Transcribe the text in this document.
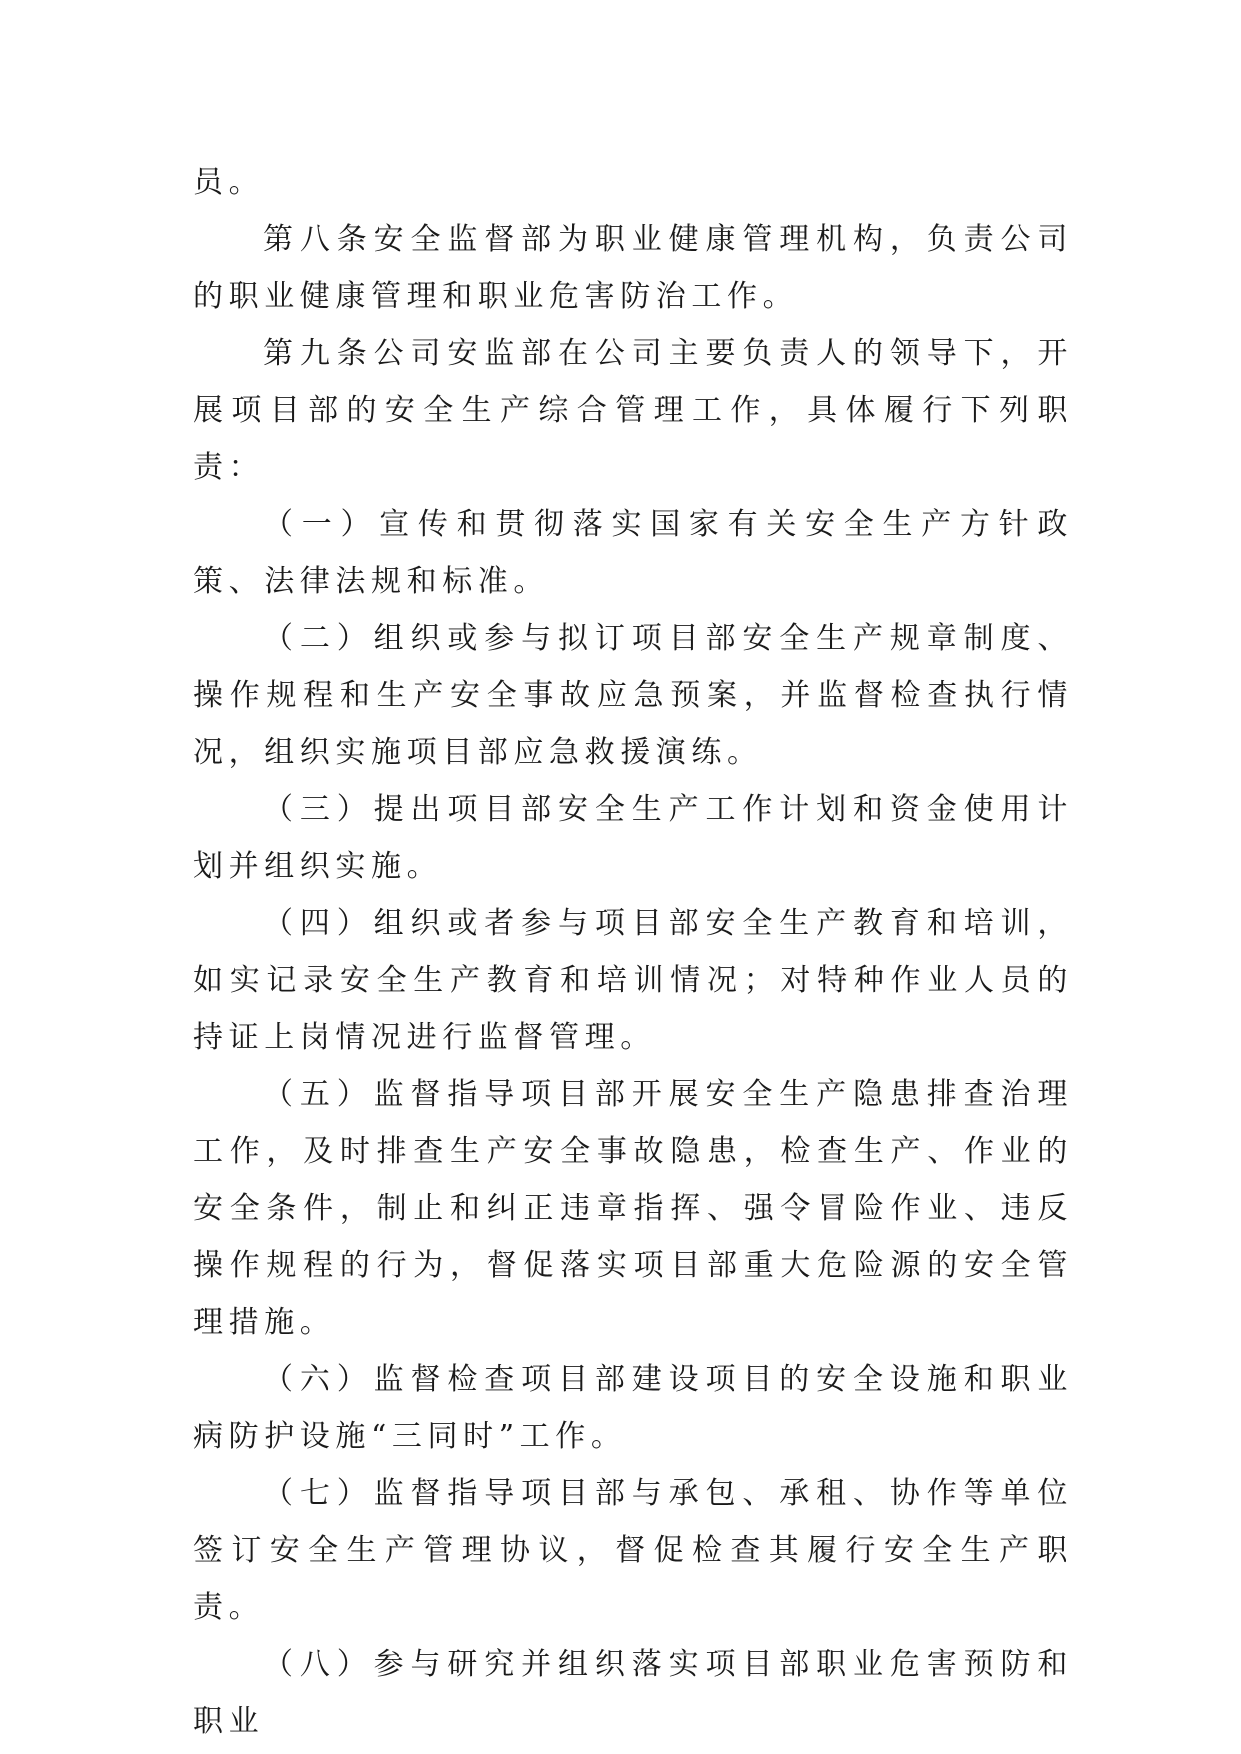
员。

第八条安全监督部为职业健康管理机构，负责公司的职业健康管理和职业危害防治工作。

第九条公司安监部在公司主要负责人的领导下，开展项目部的安全生产综合管理工作，具体履行下列职责：

（一）宣传和贯彻落实国家有关安全生产方针政策、法律法规和标准。

（二）组织或参与拟订项目部安全生产规章制度、操作规程和生产安全事故应急预案，并监督检查执行情况，组织实施项目部应急救援演练。

（三）提出项目部安全生产工作计划和资金使用计划并组织实施。

（四）组织或者参与项目部安全生产教育和培训，如实记录安全生产教育和培训情况；对特种作业人员的持证上岗情况进行监督管理。

（五）监督指导项目部开展安全生产隐患排查治理工作，及时排查生产安全事故隐患，检查生产、作业的安全条件，制止和纠正违章指挥、强令冒险作业、违反操作规程的行为，督促落实项目部重大危险源的安全管理措施。

（六）监督检查项目部建设项目的安全设施和职业病防护设施“三同时”工作。

（七）监督指导项目部与承包、承租、协作等单位签订安全生产管理协议，督促检查其履行安全生产职责。

（八）参与研究并组织落实项目部职业危害预防和职业
